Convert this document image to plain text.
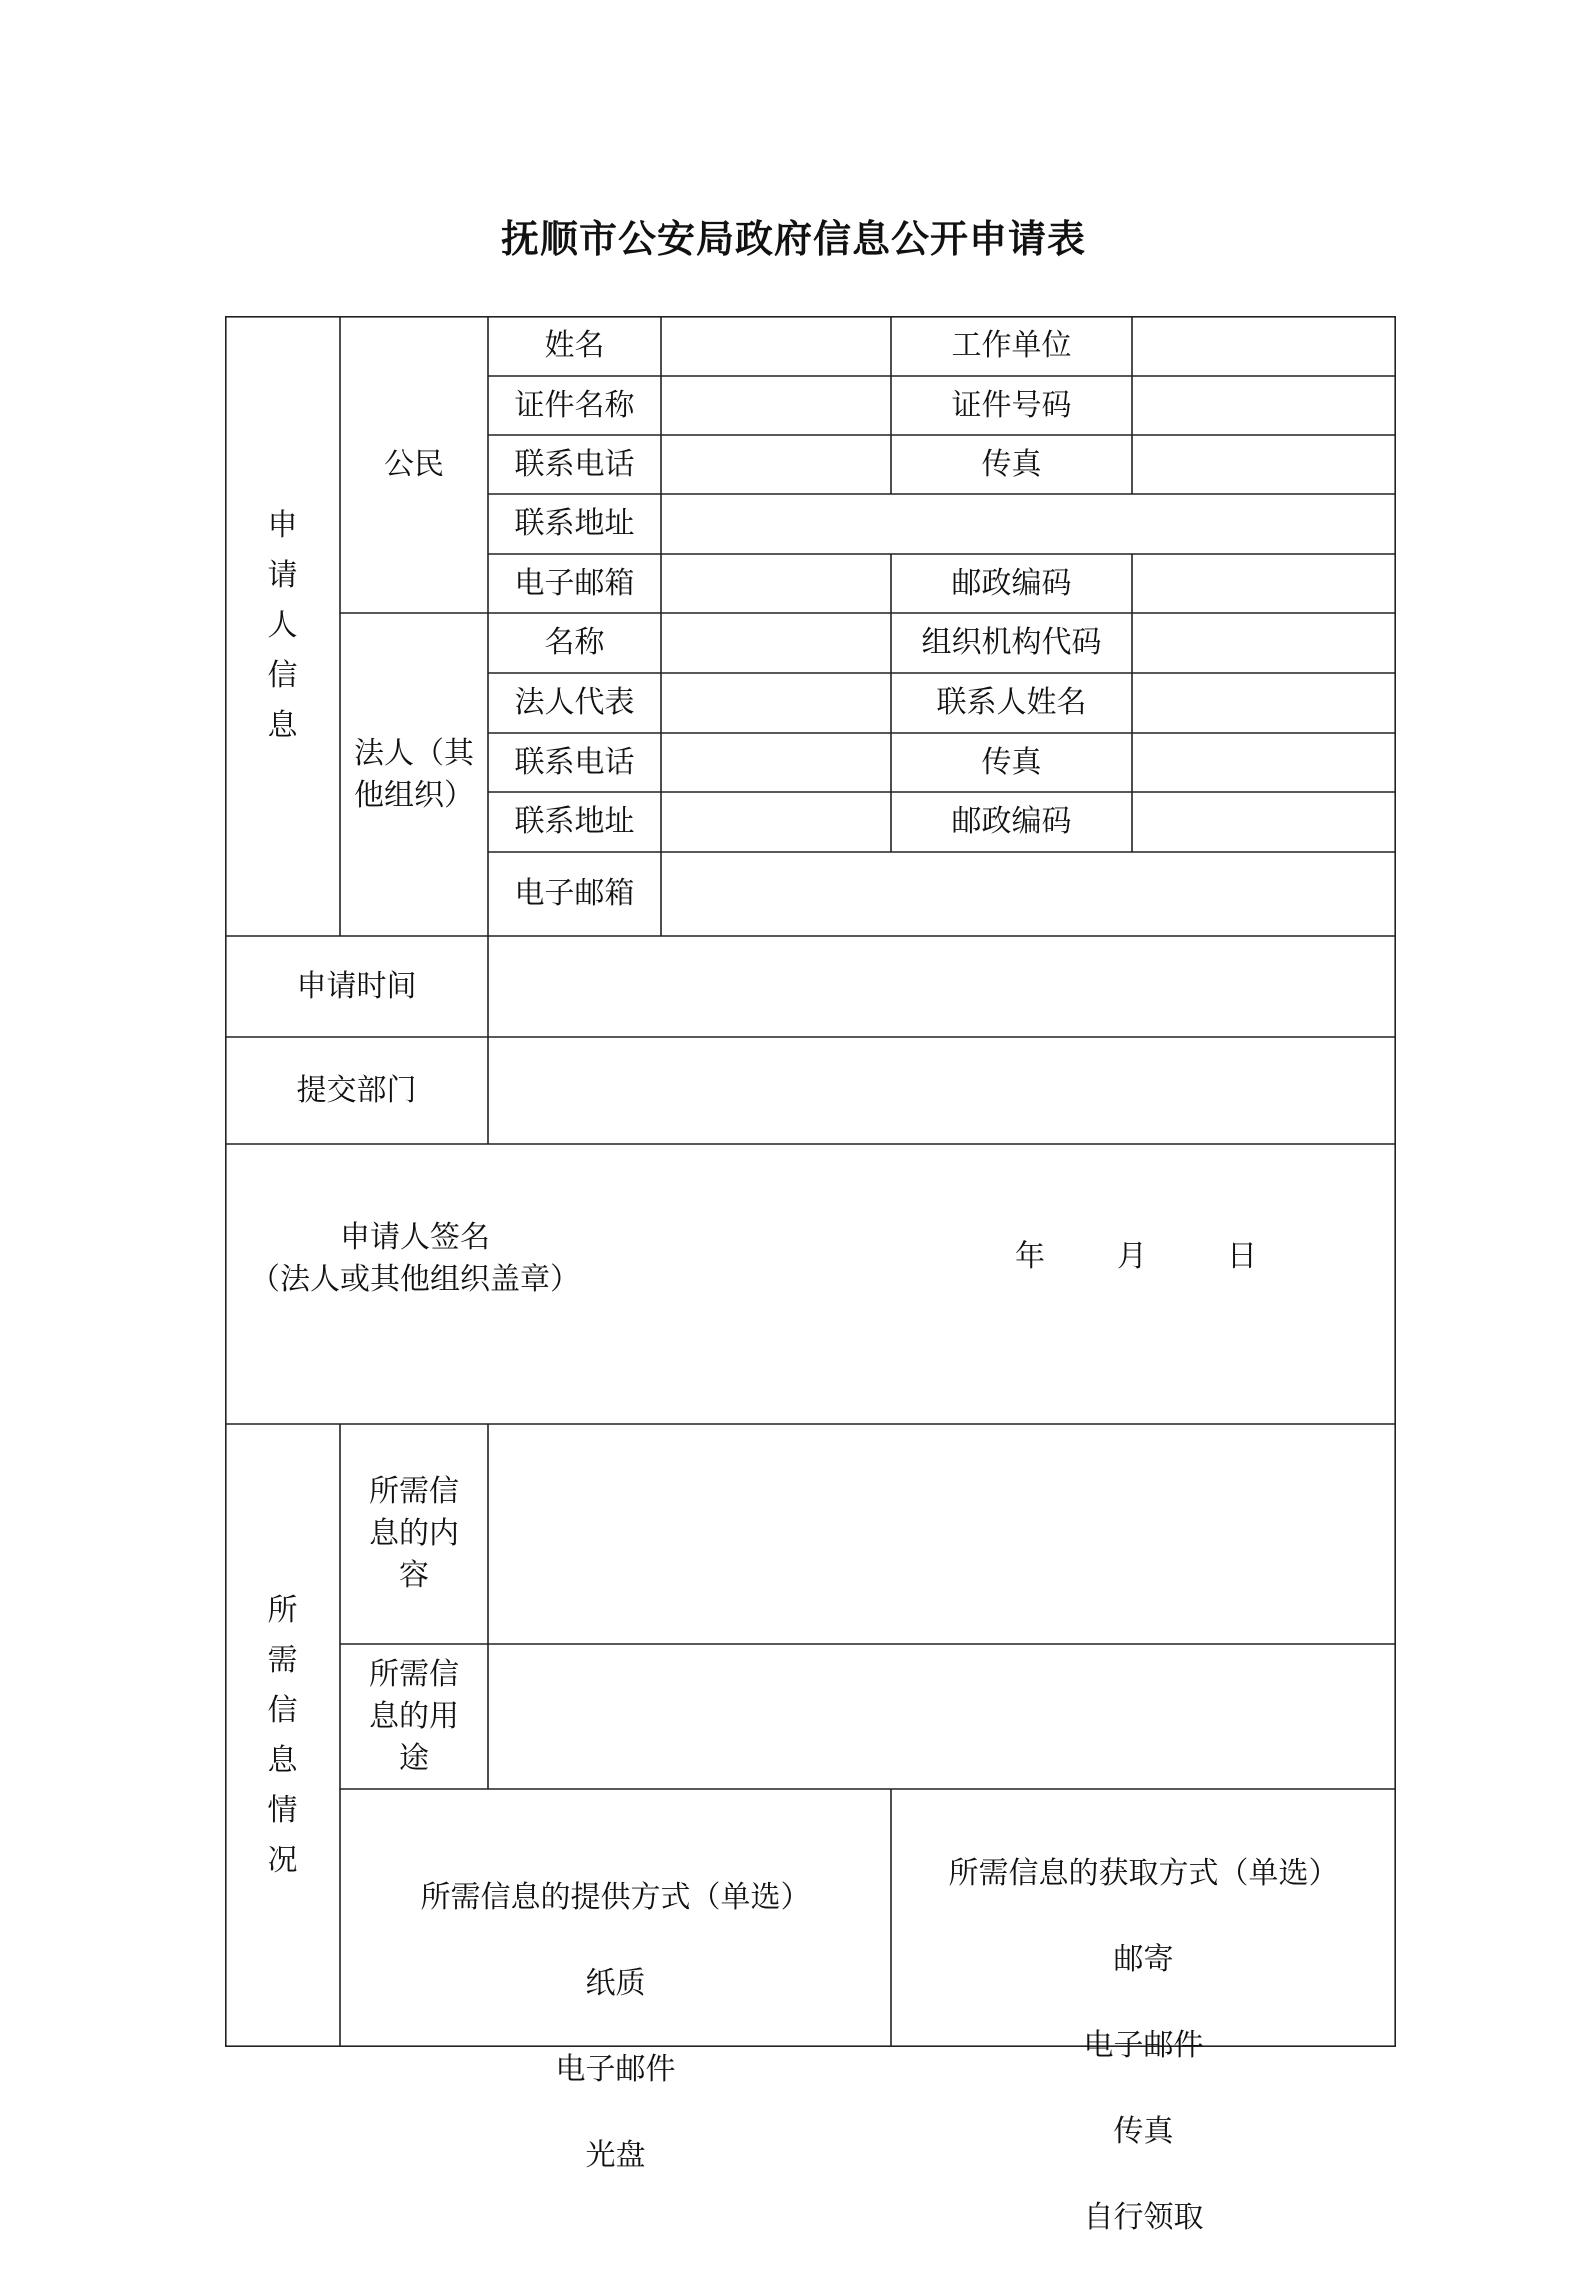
抚顺市公安局政府信息公开申请表
申
请
人
信
息
公民
姓名	工作单位
证件名称	证件号码
联系电话	传真
联系地址
电子邮箱	邮政编码
法人（其
他组织）
名称	组织机构代码
法人代表	联系人姓名
联系电话	传真
联系地址	邮政编码
电子邮箱
申请时间
提交部门
申请人签名
（法人或其他组织盖章）
年 月	日
所
需
信
息
情
况
所需信
息的内
容
所需信
息的用
途

所需信息的提供方式（单选）

纸质

电子邮件

光盘

所需信息的获取方式（单选）

邮寄

电子邮件

传真

自行领取
